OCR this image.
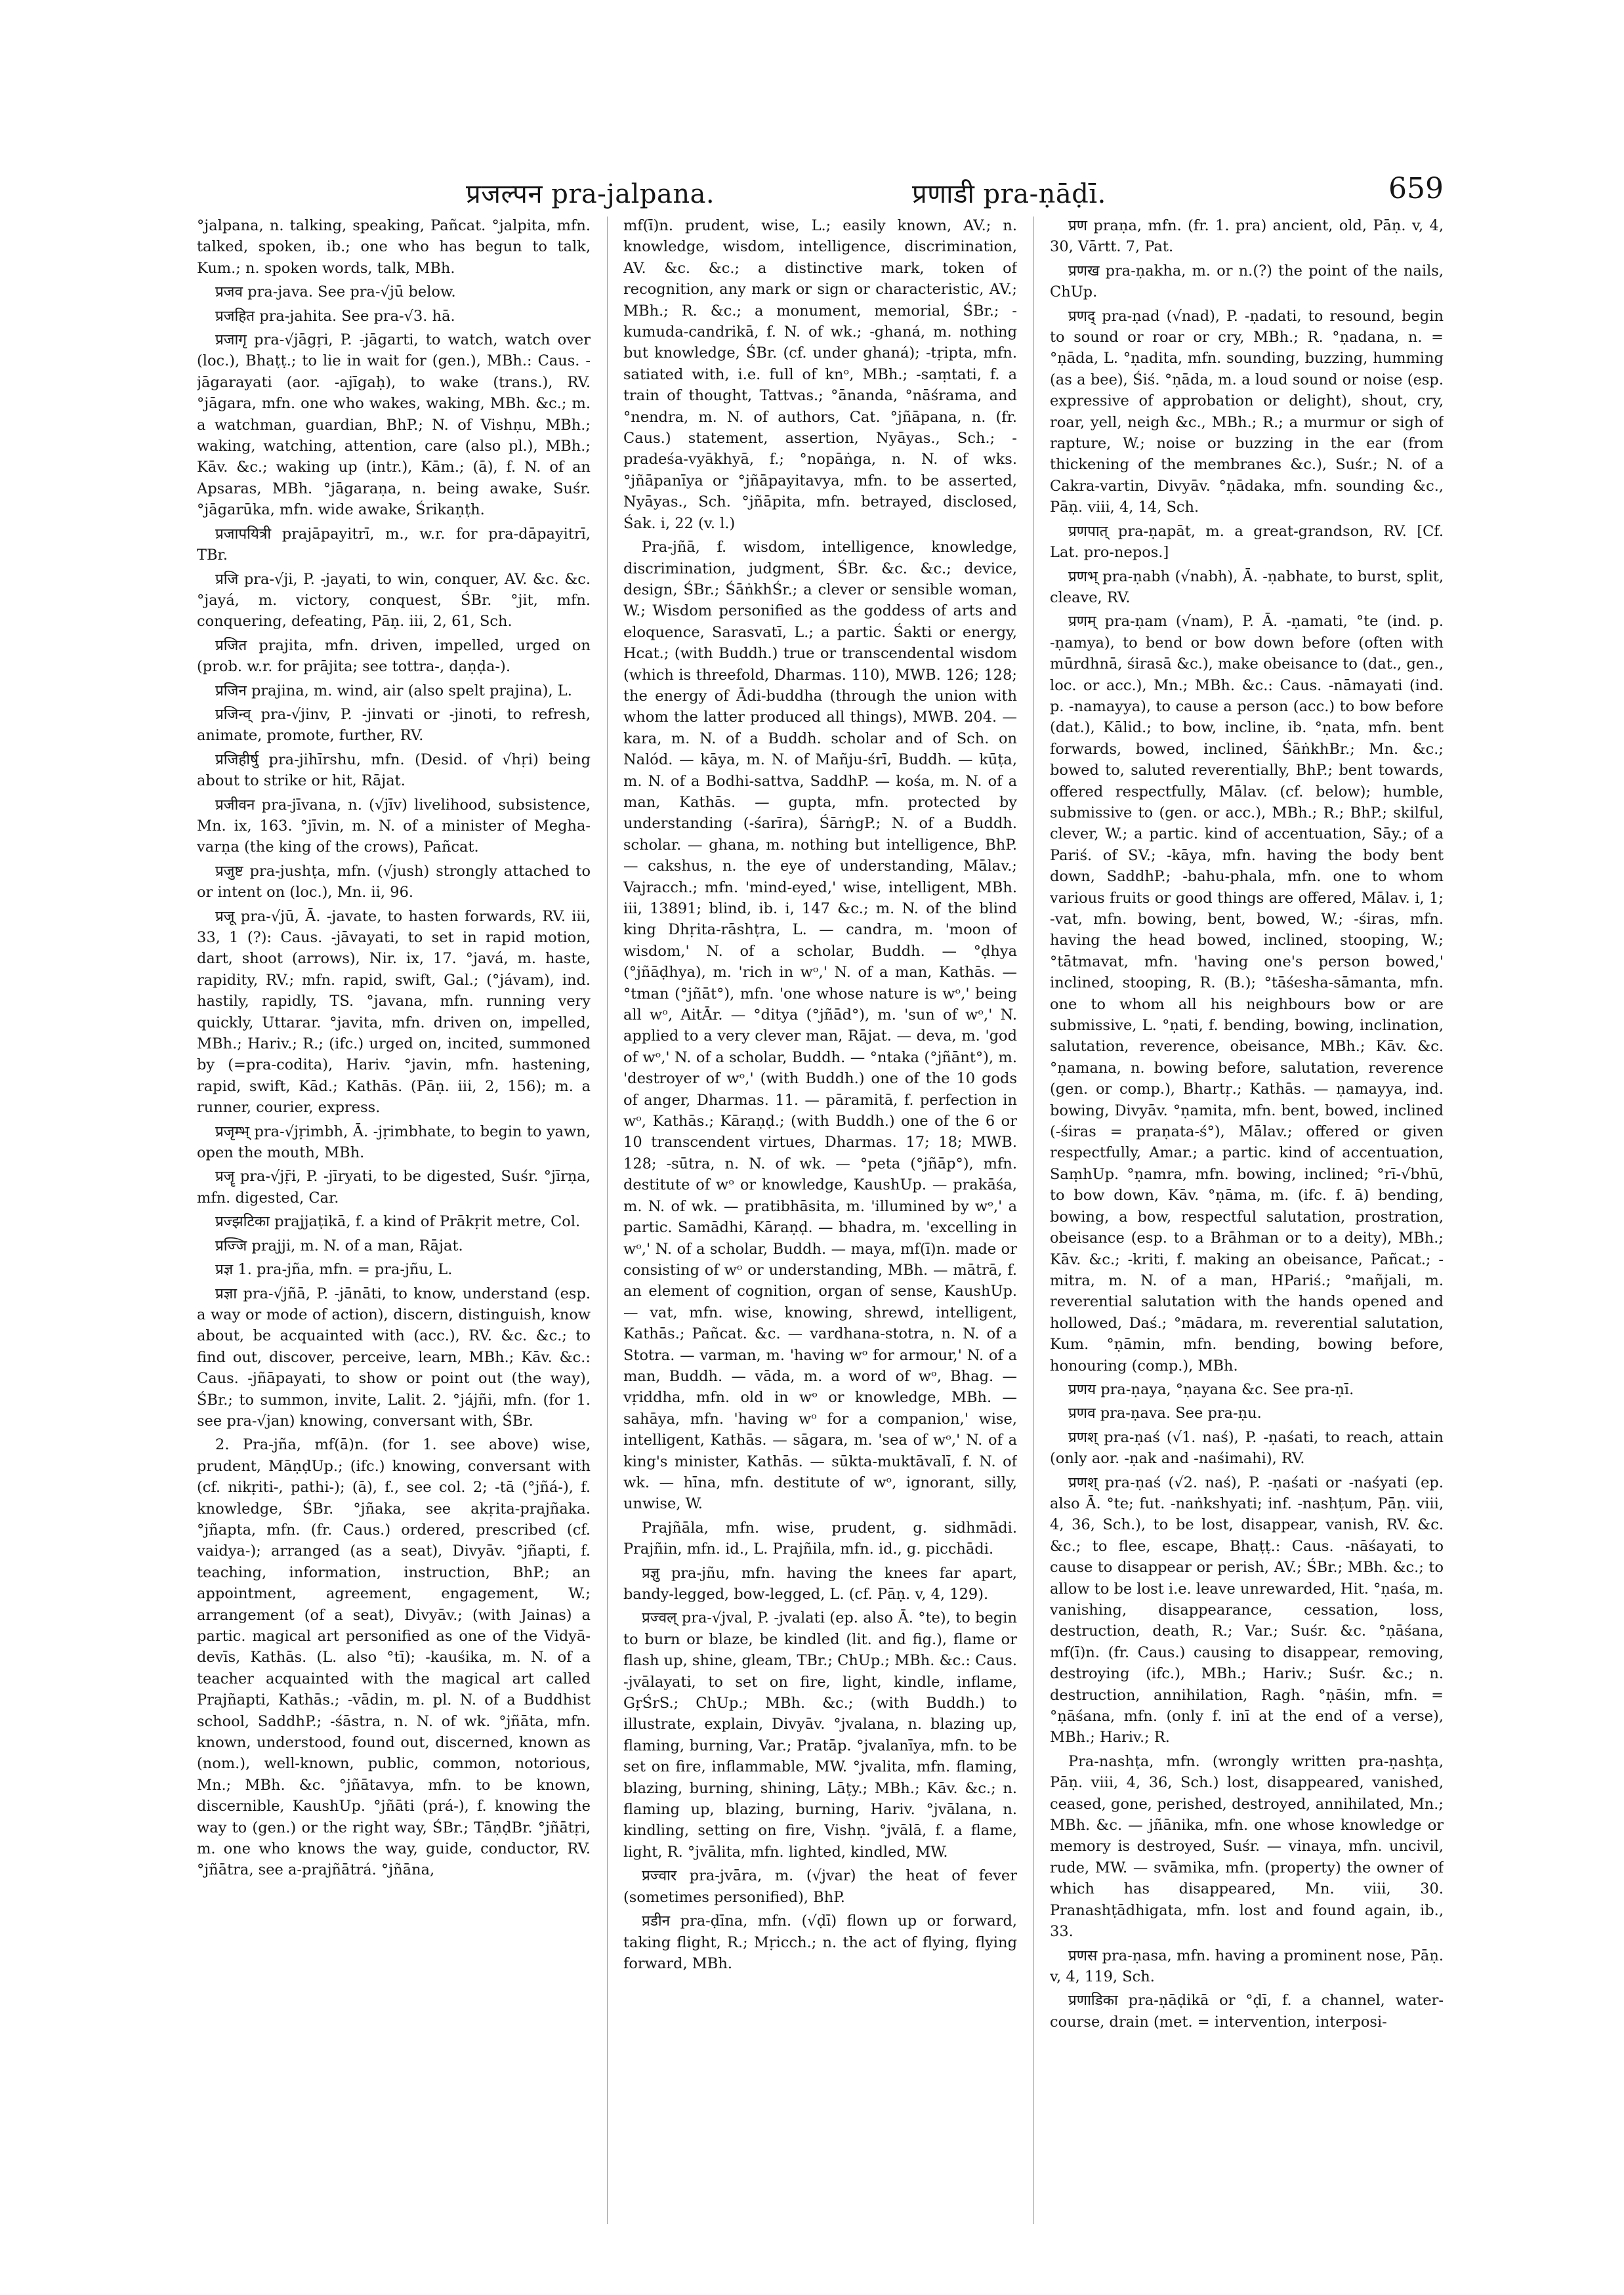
प्रजल्पन pra-jalpana.	प्रणाडी pra-ṇāḍī.	659

°jalpana, n. talking, speaking, Pañcat. °jalpita, mfn. talked, spoken, ib.; one who has begun to talk, Kum.; n. spoken words, talk, MBh.

प्रजव pra-java. See pra-√jū below.

प्रजहित pra-jahita. See pra-√3. hā.

प्रजागृ pra-√jāgṛi, P. -jāgarti, to watch, watch over (loc.), Bhaṭṭ.; to lie in wait for (gen.), MBh.: Caus. -jāgarayati (aor. -ajīgaḥ), to wake (trans.), RV. °jāgara, mfn. one who wakes, waking, MBh. &c.; m. a watchman, guardian, BhP.; N. of Vishṇu, MBh.; waking, watching, attention, care (also pl.), MBh.; Kāv. &c.; waking up (intr.), Kām.; (ā), f. N. of an Apsaras, MBh. °jāgaraṇa, n. being awake, Suśr. °jāgarūka, mfn. wide awake, Śrikaṇṭh.

प्रजापयित्री prajāpayitrī, m., w.r. for pra-dāpayitrī, TBr.

प्रजि pra-√ji, P. -jayati, to win, conquer, AV. &c. &c. °jayá, m. victory, conquest, ŚBr. °jit, mfn. conquering, defeating, Pāṇ. iii, 2, 61, Sch.

प्रजित prajita, mfn. driven, impelled, urged on (prob. w.r. for prājita; see tottra-, daṇḍa-).

प्रजिन prajina, m. wind, air (also spelt prajina), L.

प्रजिन्व् pra-√jinv, P. -jinvati or -jinoti, to refresh, animate, promote, further, RV.

प्रजिहीर्षु pra-jihīrshu, mfn. (Desid. of √hṛi) being about to strike or hit, Rājat.

प्रजीवन pra-jīvana, n. (√jīv) livelihood, subsistence, Mn. ix, 163. °jīvin, m. N. of a minister of Megha-varṇa (the king of the crows), Pañcat.

प्रजुष्ट pra-jushṭa, mfn. (√jush) strongly attached to or intent on (loc.), Mn. ii, 96.

प्रजू pra-√jū, Ā. -javate, to hasten forwards, RV. iii, 33, 1 (?): Caus. -jāvayati, to set in rapid motion, dart, shoot (arrows), Nir. ix, 17. °javá, m. haste, rapidity, RV.; mfn. rapid, swift, Gal.; (°jávam), ind. hastily, rapidly, TS. °javana, mfn. running very quickly, Uttarar. °javita, mfn. driven on, impelled, MBh.; Hariv.; R.; (ifc.) urged on, incited, summoned by (=pra-codita), Hariv. °javin, mfn. hastening, rapid, swift, Kād.; Kathās. (Pāṇ. iii, 2, 156); m. a runner, courier, express.

प्रजृम्भ् pra-√jṛimbh, Ā. -jṛimbhate, to begin to yawn, open the mouth, MBh.

प्रजॄ pra-√jṝi, P. -jīryati, to be digested, Suśr. °jīrṇa, mfn. digested, Car.

प्रज्झटिका prajjaṭikā, f. a kind of Prākṛit metre, Col.

प्रज्जि prajji, m. N. of a man, Rājat.

प्रज्ञ 1. pra-jña, mfn. = pra-jñu, L.

प्रज्ञा pra-√jñā, P. -jānāti, to know, understand (esp. a way or mode of action), discern, distinguish, know about, be acquainted with (acc.), RV. &c. &c.; to find out, discover, perceive, learn, MBh.; Kāv. &c.: Caus. -jñāpayati, to show or point out (the way), ŚBr.; to summon, invite, Lalit. 2. °jájñi, mfn. (for 1. see pra-√jan) knowing, conversant with, ŚBr.

2. Pra-jña, mf(ā)n. (for 1. see above) wise, prudent, MāṇḍUp.; (ifc.) knowing, conversant with (cf. nikṛiti-, pathi-); (ā), f., see col. 2; -tā (°jñá-), f. knowledge, ŚBr. °jñaka, see akṛita-prajñaka. °jñapta, mfn. (fr. Caus.) ordered, prescribed (cf. vaidya-); arranged (as a seat), Divyāv. °jñapti, f. teaching, information, instruction, BhP.; an appointment, agreement, engagement, W.; arrangement (of a seat), Divyāv.; (with Jainas) a partic. magical art personified as one of the Vidyā-devīs, Kathās. (L. also °tī); -kauśika, m. N. of a teacher acquainted with the magical art called Prajñapti, Kathās.; -vādin, m. pl. N. of a Buddhist school, SaddhP.; -śāstra, n. N. of wk. °jñāta, mfn. known, understood, found out, discerned, known as (nom.), well-known, public, common, notorious, Mn.; MBh. &c. °jñātavya, mfn. to be known, discernible, KaushUp. °jñāti (prá-), f. knowing the way to (gen.) or the right way, ŚBr.; TāṇḍBr. °jñātṛi, m. one who knows the way, guide, conductor, RV. °jñātra, see a-prajñātrá. °jñāna,

mf(ī)n. prudent, wise, L.; easily known, AV.; n. knowledge, wisdom, intelligence, discrimination, AV. &c. &c.; a distinctive mark, token of recognition, any mark or sign or characteristic, AV.; MBh.; R. &c.; a monument, memorial, ŚBr.; -kumuda-candrikā, f. N. of wk.; -ghaná, m. nothing but knowledge, ŚBr. (cf. under ghaná); -tṛipta, mfn. satiated with, i.e. full of knᵒ, MBh.; -saṃtati, f. a train of thought, Tattvas.; °ānanda, °nāśrama, and °nendra, m. N. of authors, Cat. °jñāpana, n. (fr. Caus.) statement, assertion, Nyāyas., Sch.; -pradeśa-vyākhyā, f.; °nopāṅga, n. N. of wks. °jñāpanīya or °jñāpayitavya, mfn. to be asserted, Nyāyas., Sch. °jñāpita, mfn. betrayed, disclosed, Śak. i, 22 (v. l.)

Pra-jñā, f. wisdom, intelligence, knowledge, discrimination, judgment, ŚBr. &c. &c.; device, design, ŚBr.; ŚāṅkhŚr.; a clever or sensible woman, W.; Wisdom personified as the goddess of arts and eloquence, Sarasvatī, L.; a partic. Śakti or energy, Hcat.; (with Buddh.) true or transcendental wisdom (which is threefold, Dharmas. 110), MWB. 126; 128; the energy of Ādi-buddha (through the union with whom the latter produced all things), MWB. 204. — kara, m. N. of a Buddh. scholar and of Sch. on Nalód. — kāya, m. N. of Mañju-śrī, Buddh. — kūṭa, m. N. of a Bodhi-sattva, SaddhP. — kośa, m. N. of a man, Kathās. — gupta, mfn. protected by understanding (-śarīra), ŚārṅgP.; N. of a Buddh. scholar. — ghana, m. nothing but intelligence, BhP. — cakshus, n. the eye of understanding, Mālav.; Vajracch.; mfn. 'mind-eyed,' wise, intelligent, MBh. iii, 13891; blind, ib. i, 147 &c.; m. N. of the blind king Dhṛita-rāshṭra, L. — candra, m. 'moon of wisdom,' N. of a scholar, Buddh. — °ḍhya (°jñāḍhya), m. 'rich in wᵒ,' N. of a man, Kathās. — °tman (°jñāt°), mfn. 'one whose nature is wᵒ,' being all wᵒ, AitĀr. — °ditya (°jñād°), m. 'sun of wᵒ,' N. applied to a very clever man, Rājat. — deva, m. 'god of wᵒ,' N. of a scholar, Buddh. — °ntaka (°jñānt°), m. 'destroyer of wᵒ,' (with Buddh.) one of the 10 gods of anger, Dharmas. 11. — pāramitā, f. perfection in wᵒ, Kathās.; Kāraṇḍ.; (with Buddh.) one of the 6 or 10 transcendent virtues, Dharmas. 17; 18; MWB. 128; -sūtra, n. N. of wk. — °peta (°jñāp°), mfn. destitute of wᵒ or knowledge, KaushUp. — prakāśa, m. N. of wk. — pratibhāsita, m. 'illumined by wᵒ,' a partic. Samādhi, Kāraṇḍ. — bhadra, m. 'excelling in wᵒ,' N. of a scholar, Buddh. — maya, mf(ī)n. made or consisting of wᵒ or understanding, MBh. — mātrā, f. an element of cognition, organ of sense, KaushUp. — vat, mfn. wise, knowing, shrewd, intelligent, Kathās.; Pañcat. &c. — vardhana-stotra, n. N. of a Stotra. — varman, m. 'having wᵒ for armour,' N. of a man, Buddh. — vāda, m. a word of wᵒ, Bhag. — vṛiddha, mfn. old in wᵒ or knowledge, MBh. — sahāya, mfn. 'having wᵒ for a companion,' wise, intelligent, Kathās. — sāgara, m. 'sea of wᵒ,' N. of a king's minister, Kathās. — sūkta-muktāvalī, f. N. of wk. — hīna, mfn. destitute of wᵒ, ignorant, silly, unwise, W.

Prajñāla, mfn. wise, prudent, g. sidhmādi. Prajñin, mfn. id., L. Prajñila, mfn. id., g. picchādi.

प्रज्ञु pra-jñu, mfn. having the knees far apart, bandy-legged, bow-legged, L. (cf. Pāṇ. v, 4, 129).

प्रज्वल् pra-√jval, P. -jvalati (ep. also Ā. °te), to begin to burn or blaze, be kindled (lit. and fig.), flame or flash up, shine, gleam, TBr.; ChUp.; MBh. &c.: Caus. -jvālayati, to set on fire, light, kindle, inflame, GṛŚrS.; ChUp.; MBh. &c.; (with Buddh.) to illustrate, explain, Divyāv. °jvalana, n. blazing up, flaming, burning, Var.; Pratāp. °jvalanīya, mfn. to be set on fire, inflammable, MW. °jvalita, mfn. flaming, blazing, burning, shining, Lāṭy.; MBh.; Kāv. &c.; n. flaming up, blazing, burning, Hariv. °jvālana, n. kindling, setting on fire, Vishṇ. °jvālā, f. a flame, light, R. °jvālita, mfn. lighted, kindled, MW.

प्रज्वार pra-jvāra, m. (√jvar) the heat of fever (sometimes personified), BhP.

प्रडीन pra-ḍīna, mfn. (√ḍī) flown up or forward, taking flight, R.; Mṛicch.; n. the act of flying, flying forward, MBh.

प्रण praṇa, mfn. (fr. 1. pra) ancient, old, Pāṇ. v, 4, 30, Vārtt. 7, Pat.

प्रणख pra-ṇakha, m. or n.(?) the point of the nails, ChUp.

प्रणद् pra-ṇad (√nad), P. -ṇadati, to resound, begin to sound or roar or cry, MBh.; R. °ṇadana, n. = °ṇāda, L. °ṇadita, mfn. sounding, buzzing, humming (as a bee), Śiś. °ṇāda, m. a loud sound or noise (esp. expressive of approbation or delight), shout, cry, roar, yell, neigh &c., MBh.; R.; a murmur or sigh of rapture, W.; noise or buzzing in the ear (from thickening of the membranes &c.), Suśr.; N. of a Cakra-vartin, Divyāv. °ṇādaka, mfn. sounding &c., Pāṇ. viii, 4, 14, Sch.

प्रणपात् pra-ṇapāt, m. a great-grandson, RV. [Cf. Lat. pro-nepos.]

प्रणभ् pra-ṇabh (√nabh), Ā. -ṇabhate, to burst, split, cleave, RV.

प्रणम् pra-ṇam (√nam), P. Ā. -ṇamati, °te (ind. p. -ṇamya), to bend or bow down before (often with mūrdhnā, śirasā &c.), make obeisance to (dat., gen., loc. or acc.), Mn.; MBh. &c.: Caus. -nāmayati (ind. p. -namayya), to cause a person (acc.) to bow before (dat.), Kālid.; to bow, incline, ib. °ṇata, mfn. bent forwards, bowed, inclined, ŚāṅkhBr.; Mn. &c.; bowed to, saluted reverentially, BhP.; bent towards, offered respectfully, Mālav. (cf. below); humble, submissive to (gen. or acc.), MBh.; R.; BhP.; skilful, clever, W.; a partic. kind of accentuation, Sāy.; of a Pariś. of SV.; -kāya, mfn. having the body bent down, SaddhP.; -bahu-phala, mfn. one to whom various fruits or good things are offered, Mālav. i, 1; -vat, mfn. bowing, bent, bowed, W.; -śiras, mfn. having the head bowed, inclined, stooping, W.; °tātmavat, mfn. 'having one's person bowed,' inclined, stooping, R. (B.); °tāśesha-sāmanta, mfn. one to whom all his neighbours bow or are submissive, L. °ṇati, f. bending, bowing, inclination, salutation, reverence, obeisance, MBh.; Kāv. &c. °ṇamana, n. bowing before, salutation, reverence (gen. or comp.), Bhartṛ.; Kathās. — ṇamayya, ind. bowing, Divyāv. °ṇamita, mfn. bent, bowed, inclined (-śiras = praṇata-ś°), Mālav.; offered or given respectfully, Amar.; a partic. kind of accentuation, SaṃhUp. °ṇamra, mfn. bowing, inclined; °rī-√bhū, to bow down, Kāv. °ṇāma, m. (ifc. f. ā) bending, bowing, a bow, respectful salutation, prostration, obeisance (esp. to a Brāhman or to a deity), MBh.; Kāv. &c.; -kriti, f. making an obeisance, Pañcat.; -mitra, m. N. of a man, HPariś.; °mañjali, m. reverential salutation with the hands opened and hollowed, Daś.; °mādara, m. reverential salutation, Kum. °ṇāmin, mfn. bending, bowing before, honouring (comp.), MBh.

प्रणय pra-ṇaya, °ṇayana &c. See pra-ṇī.

प्रणव pra-ṇava. See pra-ṇu.

प्रणश् pra-ṇaś (√1. naś), P. -ṇaśati, to reach, attain (only aor. -ṇak and -naśimahi), RV.

प्रणश् pra-ṇaś (√2. naś), P. -ṇaśati or -naśyati (ep. also Ā. °te; fut. -naṅkshyati; inf. -nashṭum, Pāṇ. viii, 4, 36, Sch.), to be lost, disappear, vanish, RV. &c. &c.; to flee, escape, Bhaṭṭ.: Caus. -nāśayati, to cause to disappear or perish, AV.; ŚBr.; MBh. &c.; to allow to be lost i.e. leave unrewarded, Hit. °ṇaśa, m. vanishing, disappearance, cessation, loss, destruction, death, R.; Var.; Suśr. &c. °ṇāśana, mf(ī)n. (fr. Caus.) causing to disappear, removing, destroying (ifc.), MBh.; Hariv.; Suśr. &c.; n. destruction, annihilation, Ragh. °ṇāśin, mfn. = °ṇāśana, mfn. (only f. inī at the end of a verse), MBh.; Hariv.; R.

Pra-nashṭa, mfn. (wrongly written pra-ṇashṭa, Pāṇ. viii, 4, 36, Sch.) lost, disappeared, vanished, ceased, gone, perished, destroyed, annihilated, Mn.; MBh. &c. — jñānika, mfn. one whose knowledge or memory is destroyed, Suśr. — vinaya, mfn. uncivil, rude, MW. — svāmika, mfn. (property) the owner of which has disappeared, Mn. viii, 30. Pranashṭādhigata, mfn. lost and found again, ib., 33.

प्रणस pra-ṇasa, mfn. having a prominent nose, Pāṇ. v, 4, 119, Sch.

प्रणाडिका pra-ṇāḍikā or °ḍī, f. a channel, water-course, drain (met. = intervention, interposi-
